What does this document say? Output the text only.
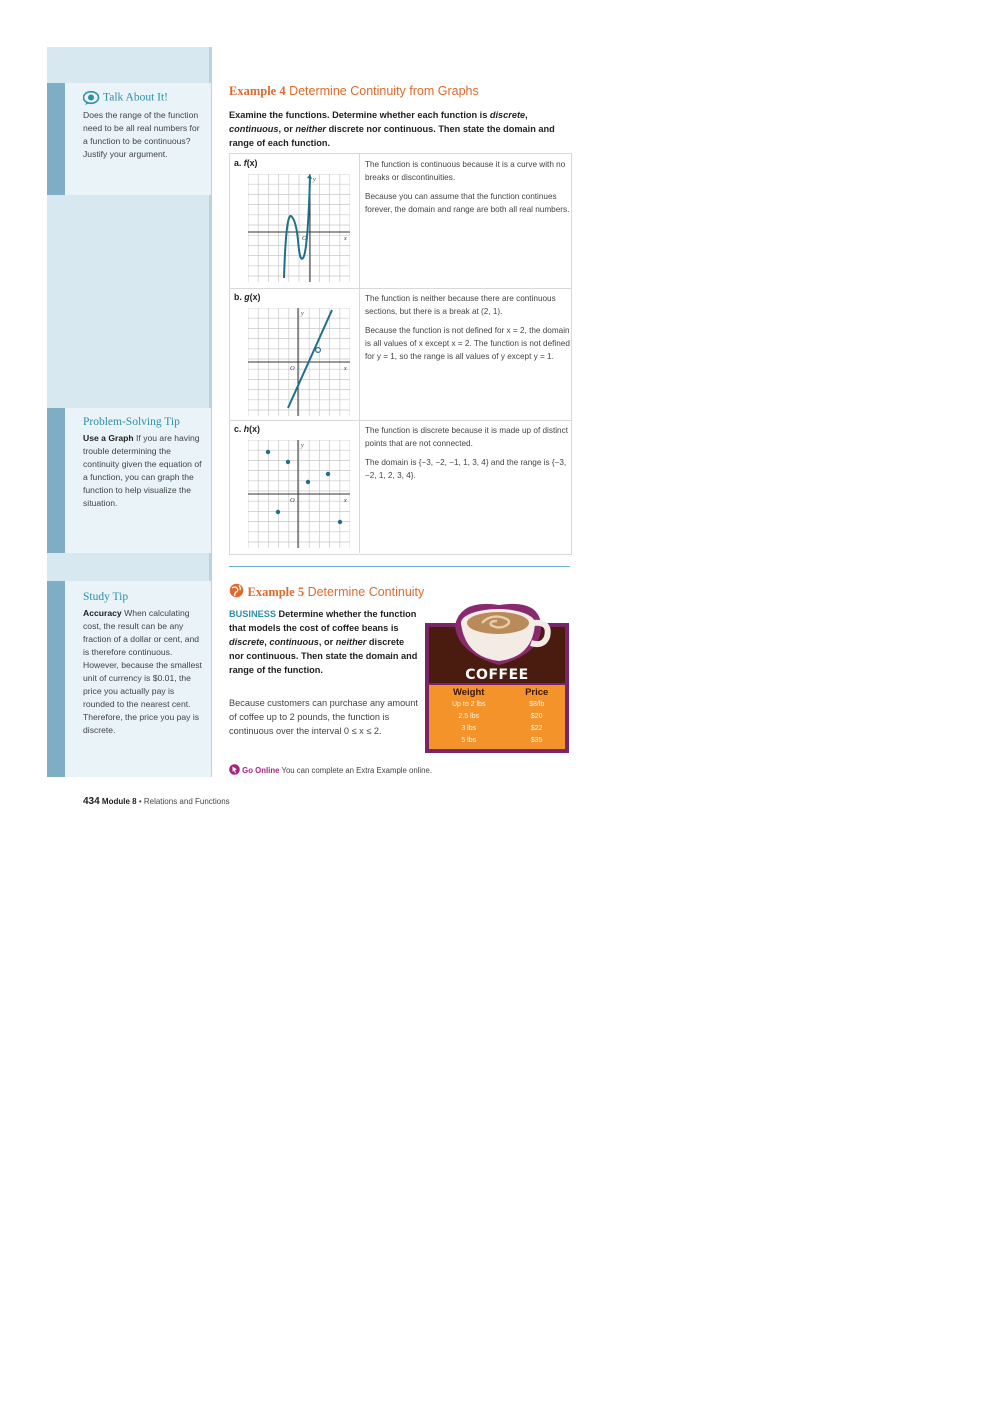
Talk About It!
Does the range of the function need to be all real numbers for a function to be continuous? Justify your argument.
Problem-Solving Tip
Use a Graph If you are having trouble determining the continuity given the equation of a function, you can graph the function to help visualize the situation.
Study Tip
Accuracy When calculating cost, the result can be any fraction of a dollar or cent, and is therefore continuous. However, because the smallest unit of currency is $0.01, the price you actually pay is rounded to the nearest cent. Therefore, the price you pay is discrete.
Example 4 Determine Continuity from Graphs
Examine the functions. Determine whether each function is discrete, continuous, or neither discrete nor continuous. Then state the domain and range of each function.
a. f(x)
x
y
O

The function is continuous because it is a curve with no breaks or discontinuities.

Because you can assume that the function continues forever, the domain and range are both all real numbers.

b. g(x)
x
y
O

The function is neither because there are continuous sections, but there is a break at (2, 1).

Because the function is not defined for x = 2, the domain is all values of x except x = 2. The function is not defined for y = 1, so the range is all values of y except y = 1.

c. h(x)
x
y
O

The function is discrete because it is made up of distinct points that are not connected.

The domain is {−3, −2, −1, 1, 3, 4} and the range is {−3, −2, 1, 2, 3, 4}.

Example 5 Determine Continuity
BUSINESS Determine whether the function that models the cost of coffee beans is discrete, continuous, or neither discrete nor continuous. Then state the domain and range of the function.
Because customers can purchase any amount of coffee up to 2 pounds, the function is continuous over the interval 0 ≤ x ≤ 2.
COFFEE
Weight	Price
Up to 2 lbs	$8/lb
2.5 lbs	$20
3 lbs	$22
5 lbs	$35
Go Online You can complete an Extra Example online.
434 Module 8 • Relations and Functions
